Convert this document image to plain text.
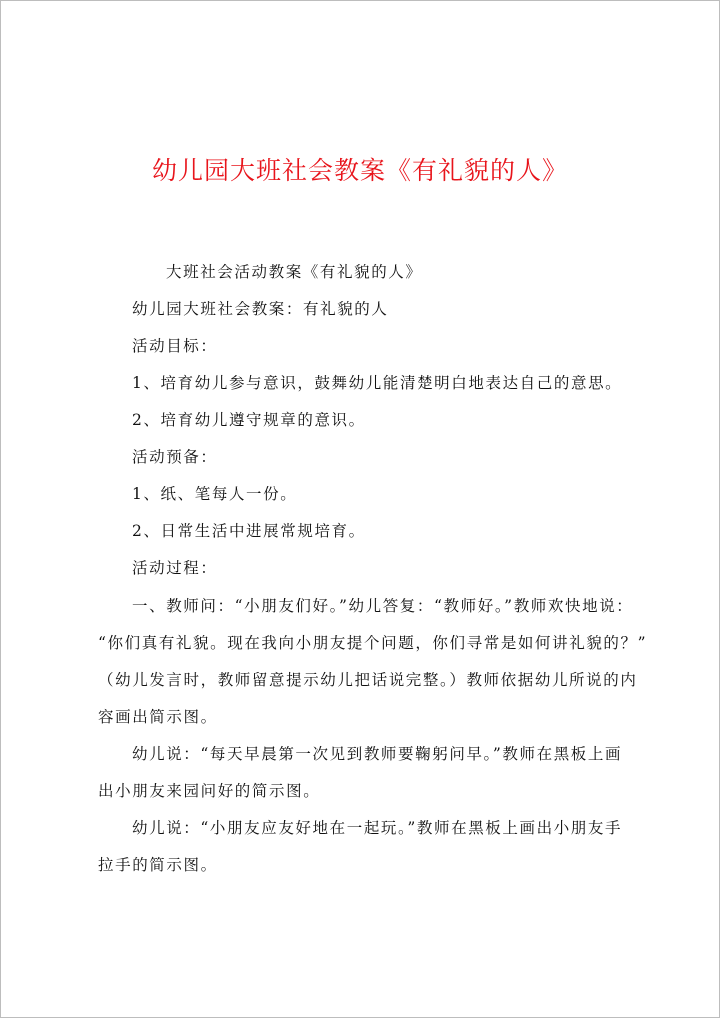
幼儿园大班社会教案《有礼貌的人》
大班社会活动教案《有礼貌的人》
幼儿园大班社会教案：有礼貌的人
活动目标：
1、培育幼儿参与意识，鼓舞幼儿能清楚明白地表达自己的意思。
2、培育幼儿遵守规章的意识。
活动预备：
1、纸、笔每人一份。
2、日常生活中进展常规培育。
活动过程：
一、教师问：“小朋友们好。”幼儿答复：“教师好。”教师欢快地说：
“你们真有礼貌。现在我向小朋友提个问题，你们寻常是如何讲礼貌的？”
（幼儿发言时，教师留意提示幼儿把话说完整。）教师依据幼儿所说的内
容画出简示图。
幼儿说：“每天早晨第一次见到教师要鞠躬问早。”教师在黑板上画
出小朋友来园问好的简示图。
幼儿说：“小朋友应友好地在一起玩。”教师在黑板上画出小朋友手
拉手的简示图。
